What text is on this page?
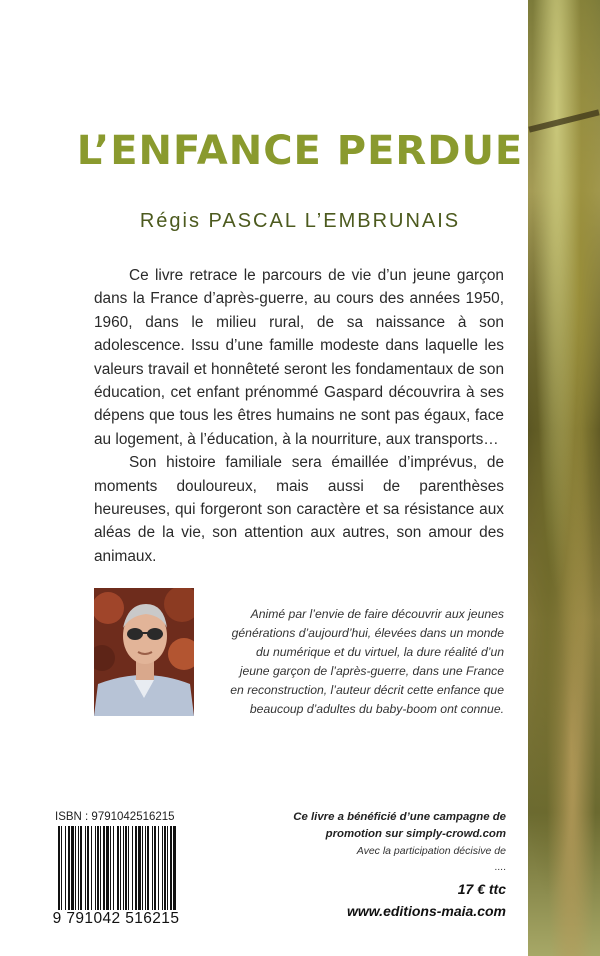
L’ENFANCE PERDUE
Régis PASCAL L’EMBRUNAIS

Ce livre retrace le parcours de vie d’un jeune garçon dans la France d’après-guerre, au cours des années 1950, 1960, dans le milieu rural, de sa naissance à son adolescence. Issu d’une famille modeste dans laquelle les valeurs travail et honnêteté seront les fondamentaux de son éducation, cet enfant prénommé Gaspard découvrira à ses dépens que tous les êtres humains ne sont pas égaux, face au logement, à l’éducation, à la nourriture, aux transports…

Son histoire familiale sera émaillée d’imprévus, de moments douloureux, mais aussi de parenthèses heureuses, qui forgeront son caractère et sa résistance aux aléas de la vie, son attention aux autres, son amour des animaux.

Animé par l’envie de faire découvrir aux jeunes générations d’aujourd’hui, élevées dans un monde du numérique et du virtuel, la dure réalité d’un jeune garçon de l’après-guerre, dans une France en reconstruction, l’auteur décrit cette enfance que beaucoup d’adultes du baby-boom ont connue.
ISBN : 9791042516215
9 791042 516215
Ce livre a bénéficié d’une campagne de promotion sur simply-crowd.com
Avec la participation décisive de
....
17 € ttc
www.editions-maia.com
